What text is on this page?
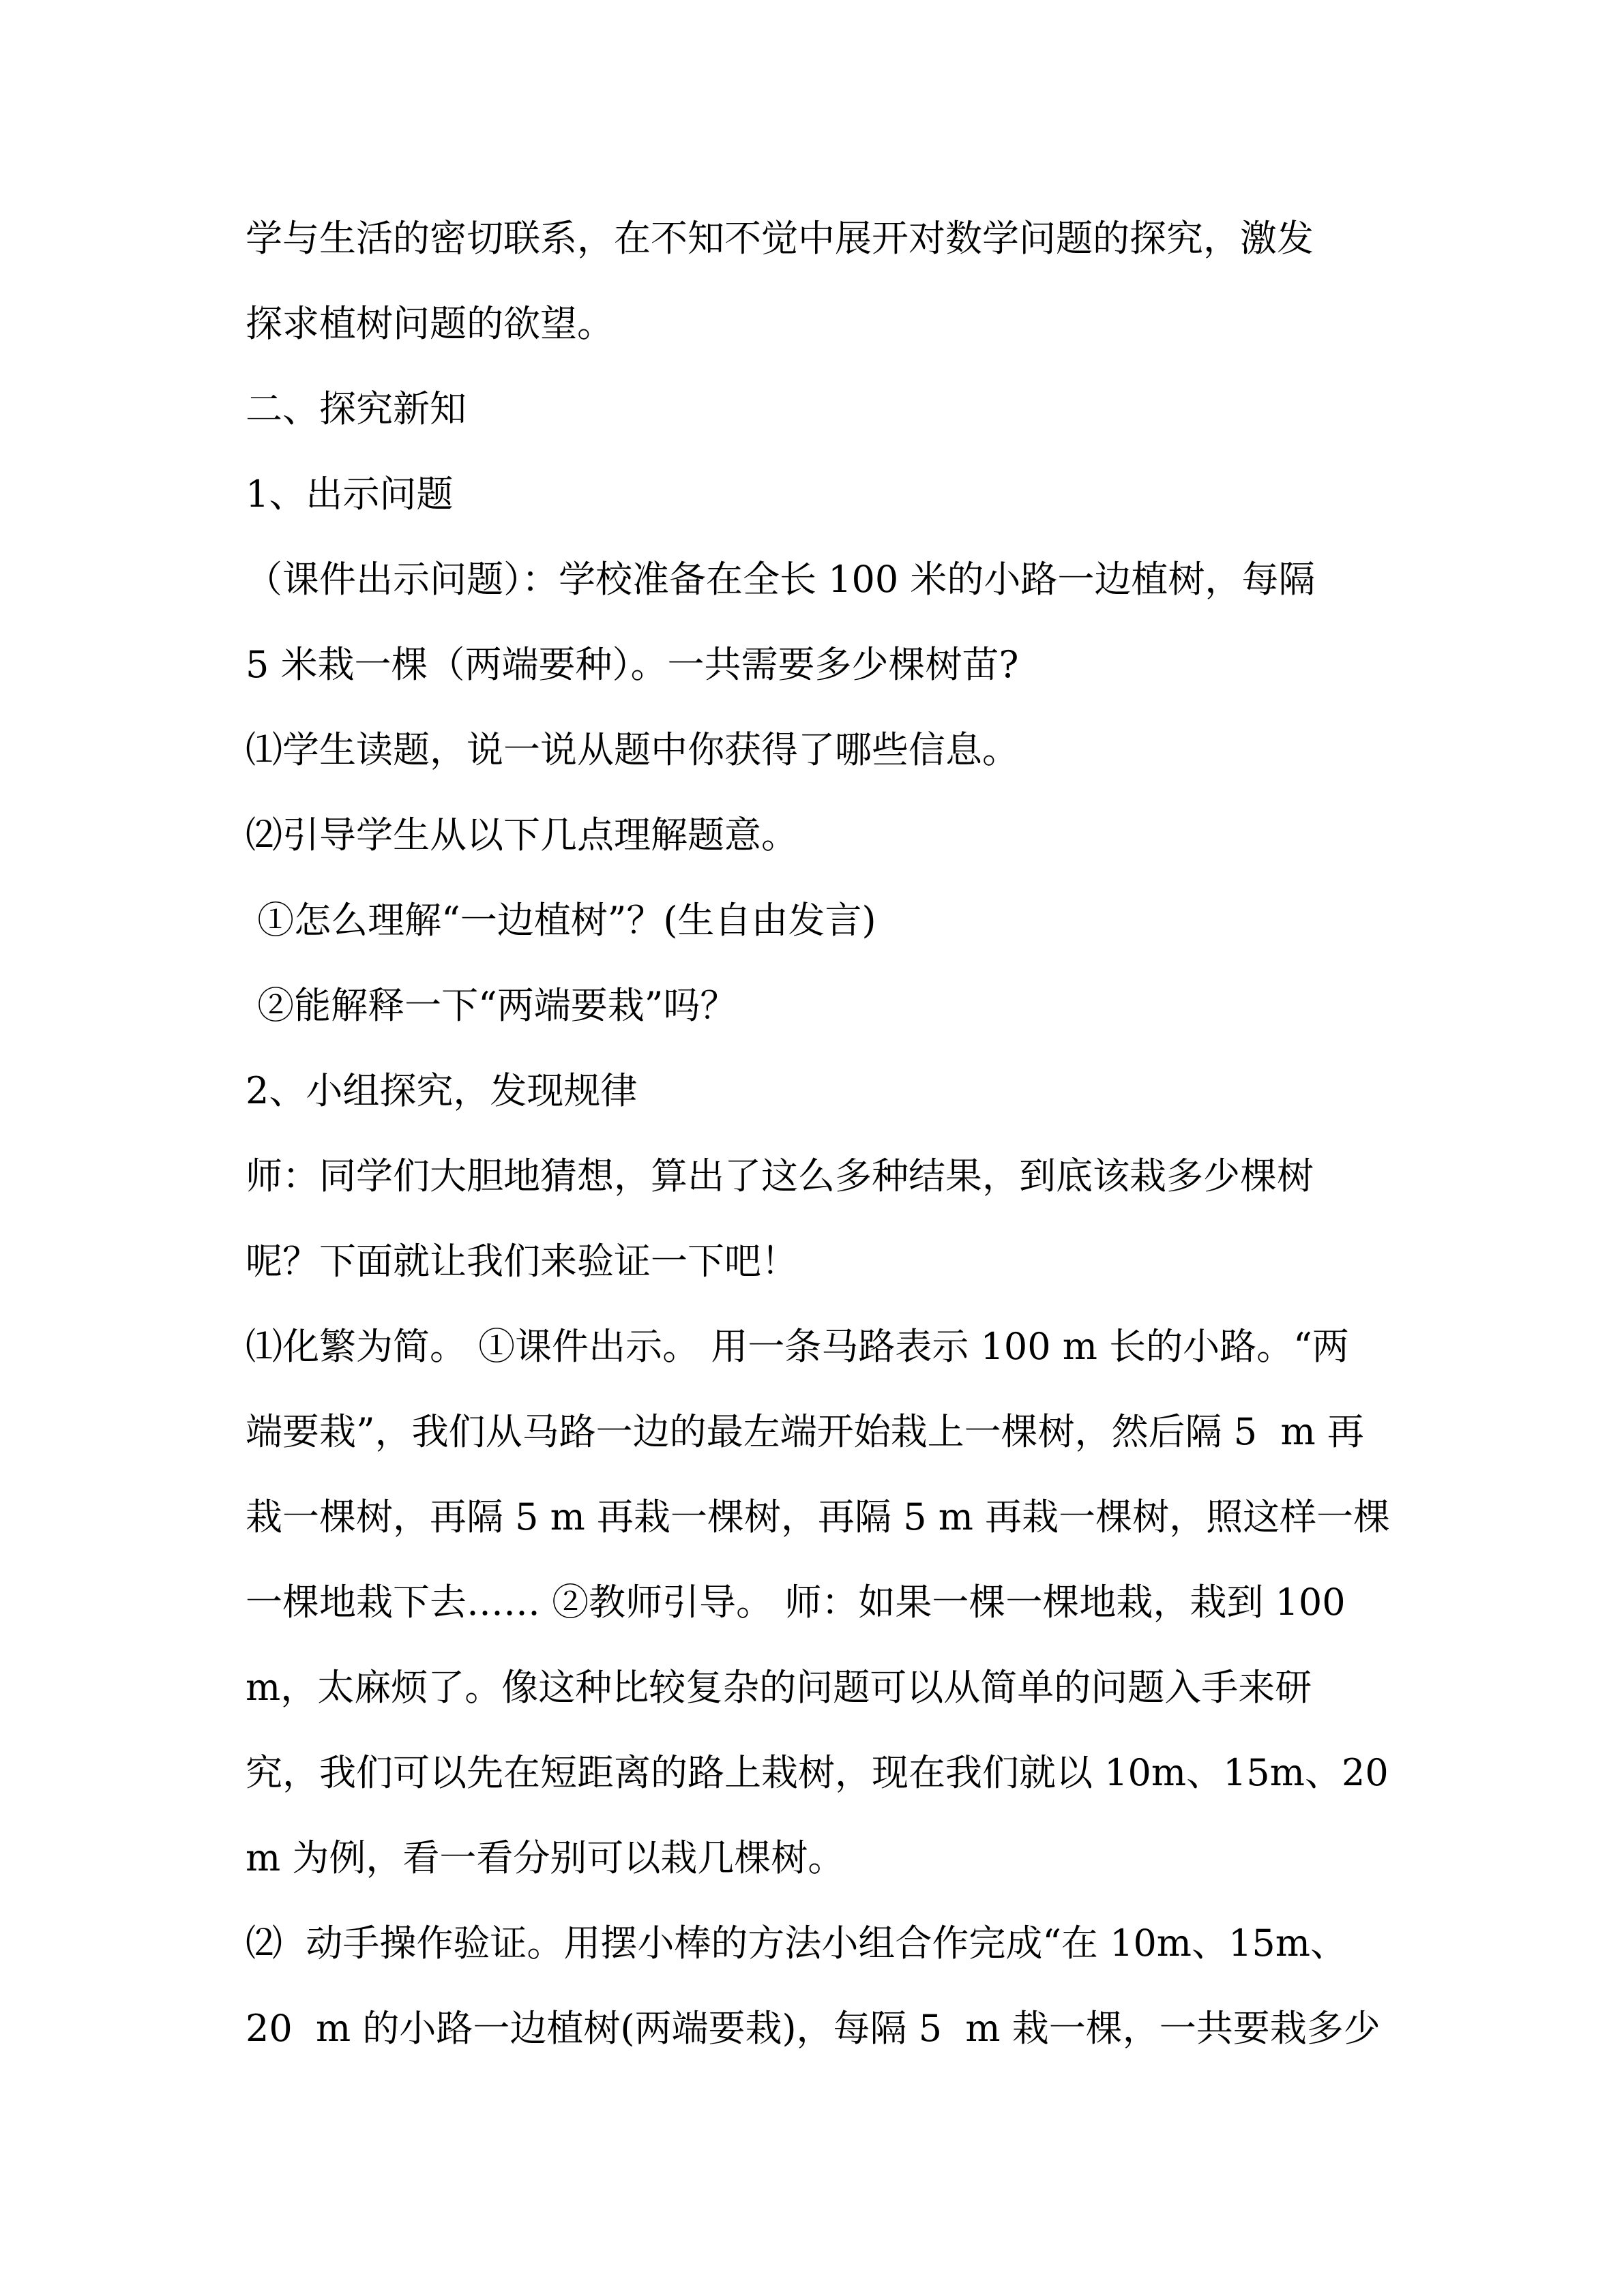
学与生活的密切联系，在不知不觉中展开对数学问题的探究，激发
探求植树问题的欲望。
二、探究新知
1、出示问题
（课件出示问题）：学校准备在全长 100 米的小路一边植树，每隔
5 米栽一棵（两端要种）。一共需要多少棵树苗?
⑴学生读题，说一说从题中你获得了哪些信息。
⑵引导学生从以下几点理解题意。
①怎么理解“一边植树”？(生自由发言)
②能解释一下“两端要栽”吗？
2、小组探究，发现规律
师：同学们大胆地猜想，算出了这么多种结果，到底该栽多少棵树
呢？下面就让我们来验证一下吧！
⑴化繁为简。 ①课件出示。 用一条马路表示 100 m 长的小路。“两
端要栽”，我们从马路一边的最左端开始栽上一棵树，然后隔 5  m 再
栽一棵树，再隔 5 m 再栽一棵树，再隔 5 m 再栽一棵树，照这样一棵
一棵地栽下去…… ②教师引导。 师：如果一棵一棵地栽，栽到 100
m，太麻烦了。像这种比较复杂的问题可以从简单的问题入手来研
究，我们可以先在短距离的路上栽树，现在我们就以 10m、15m、20
m 为例，看一看分别可以栽几棵树。
⑵  动手操作验证。用摆小棒的方法小组合作完成“在 10m、15m、
20  m 的小路一边植树(两端要栽)，每隔 5  m 栽一棵，一共要栽多少
